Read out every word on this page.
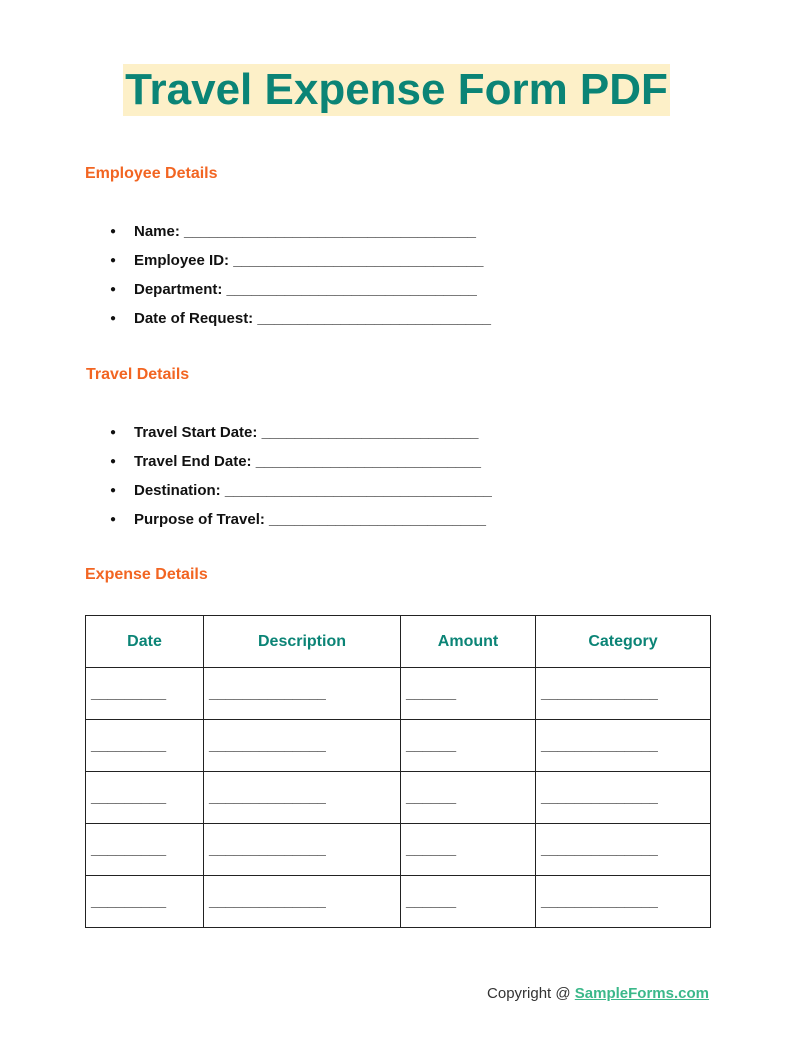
Travel Expense Form PDF
Employee Details
● Name: ___________________________________
● Employee ID: ______________________________
● Department: ______________________________
● Date of Request: ____________________________
Travel Details
● Travel Start Date: __________________________
● Travel End Date: ___________________________
● Destination: ________________________________
● Purpose of Travel: __________________________
Expense Details
Date	Description	Amount	Category
_________	______________	______	______________
_________	______________	______	______________
_________	______________	______	______________
_________	______________	______	______________
_________	______________	______	______________
Copyright @ SampleForms.com
